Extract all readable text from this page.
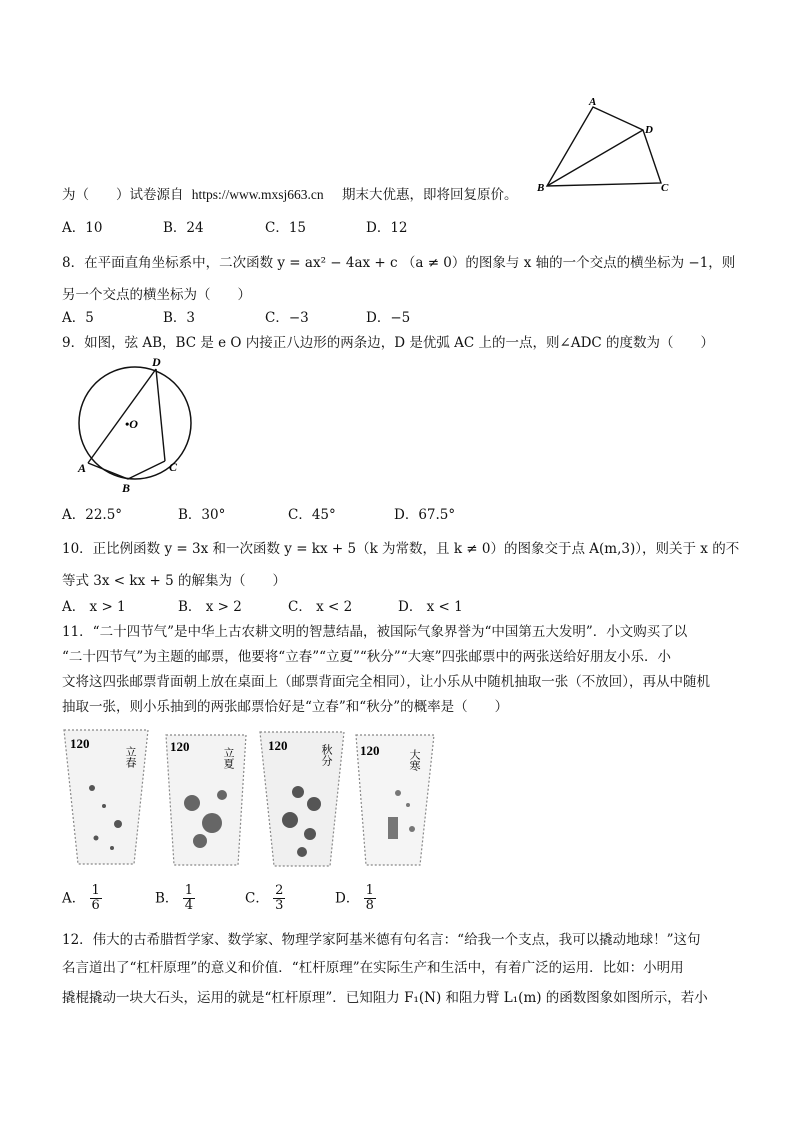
A
D
B	C
为（　　）试卷源自 https://www.mxsj663.cn 期末大优惠，即将回复原价。
A．10	B．24	C．15	D．12
8．在平面直角坐标系中，二次函数 y = ax² − 4ax + c （a ≠ 0）的图象与 x 轴的一个交点的横坐标为 −1，则
另一个交点的横坐标为（　　）
A．5	B．3	C．−3	D．−5
9．如图，弦 AB，BC 是 e O 内接正八边形的两条边，D 是优弧 AC 上的一点，则∠ADC 的度数为（　　）
D
•O
A
B
C
A．22.5°	B．30°	C．45°	D．67.5°
10．正比例函数 y = 3x 和一次函数 y = kx + 5（k 为常数，且 k ≠ 0）的图象交于点 A(m,3)），则关于 x 的不
等式 3x < kx + 5 的解集为（　　）
A． x > 1	B． x > 2	C． x < 2	D． x < 1
11．“二十四节气”是中华上古农耕文明的智慧结晶，被国际气象界誉为“中国第五大发明”．小文购买了以
“二十四节气”为主题的邮票，他要将“立春”“立夏”“秋分”“大寒”四张邮票中的两张送给好朋友小乐．小
文将这四张邮票背面朝上放在桌面上（邮票背面完全相同），让小乐从中随机抽取一张（不放回），再从中随机
抽取一张，则小乐抽到的两张邮票恰好是“立春”和“秋分”的概率是（　　）
120
立春	120
立夏
120	秋分 120	大寒
A． $\frac{1}{6}$	B． $\frac{1}{4}$	C． $\frac{2}{3}$	D． $\frac{1}{8}$
12．伟大的古希腊哲学家、数学家、物理学家阿基米德有句名言：“给我一个支点，我可以撬动地球！”这句
名言道出了“杠杆原理”的意义和价值．“杠杆原理”在实际生产和生活中，有着广泛的运用．比如：小明用
撬棍撬动一块大石头，运用的就是“杠杆原理”．已知阻力 F₁(N) 和阻力臂 L₁(m) 的函数图象如图所示，若小
